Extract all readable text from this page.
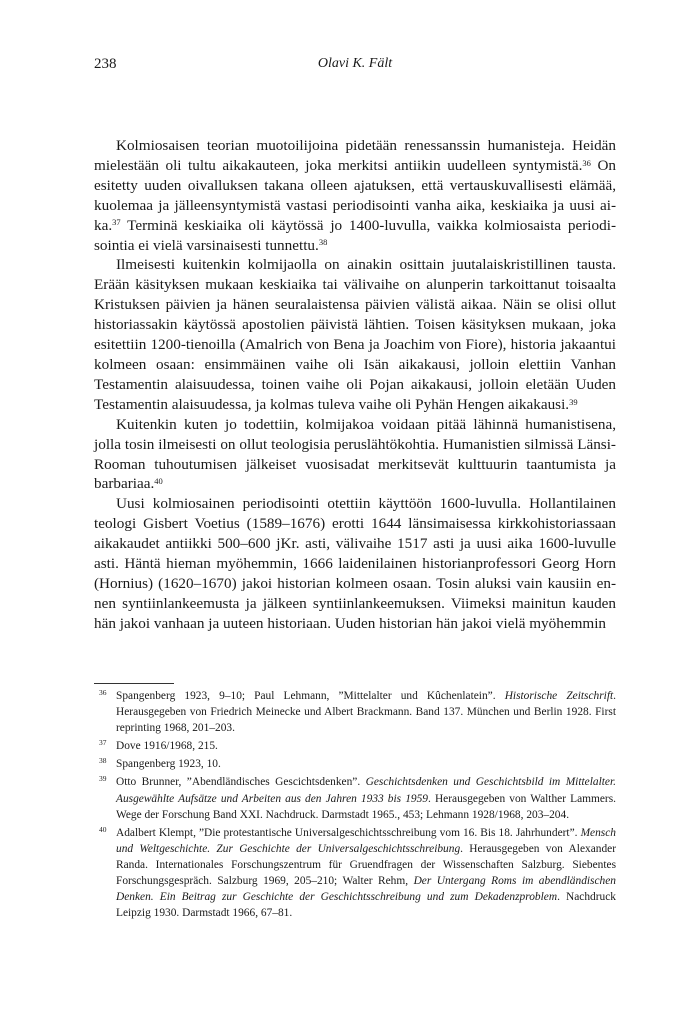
238	Olavi K. Fält

Kolmiosaisen teorian muotoilijoina pidetään renessanssin humanisteja. Heidän mielestään oli tultu aikakauteen, joka merkitsi antiikin uudelleen syntymistä.$^{36}$ On esitetty uuden oivalluksen takana olleen ajatuksen, että vertauskuvallisesti elämää, kuolemaa ja jälleensyntymistä vastasi periodisointi vanha aika, keskiaika ja uusi aika.$^{37}$ Terminä keskiaika oli käytössä jo 1400-luvulla, vaikka kolmiosaista periodisointia ei vielä varsinaisesti tunnettu.$^{38}$

Ilmeisesti kuitenkin kolmijaolla on ainakin osittain juutalaiskristillinen tausta. Erään käsityksen mukaan keskiaika tai välivaihe on alunperin tarkoittanut toisaalta Kristuksen päivien ja hänen seuralaistensa päivien välistä aikaa. Näin se olisi ollut historiassakin käytössä apostolien päivistä lähtien. Toisen käsityksen mukaan, joka esitettiin 1200-tienoilla (Amalrich von Bena ja Joachim von Fiore), historia jakaantui kolmeen osaan: ensimmäinen vaihe oli Isän aikakausi, jolloin elettiin Vanhan Testamentin alaisuudessa, toinen vaihe oli Pojan aikakausi, jolloin eletään Uuden Testamentin alaisuudessa, ja kolmas tuleva vaihe oli Pyhän Hengen aikakausi.$^{39}$

Kuitenkin kuten jo todettiin, kolmijakoa voidaan pitää lähinnä humanistisena, jolla tosin ilmeisesti on ollut teologisia peruslähtökohtia. Humanistien silmissä Länsi-Rooman tuhoutumisen jälkeiset vuosisadat merkitsevät kulttuurin taantumista ja barbariaa.$^{40}$

Uusi kolmiosainen periodisointi otettiin käyttöön 1600-luvulla. Hollantilainen teologi Gisbert Voetius (1589–1676) erotti 1644 länsimaisessa kirkkohistoriassaan aikakaudet antiikki 500–600 jKr. asti, välivaihe 1517 asti ja uusi aika 1600-luvulle asti. Häntä hieman myöhemmin, 1666 laidenilainen historianprofessori Georg Horn (Hornius) (1620–1670) jakoi historian kolmeen osaan. Tosin aluksi vain kausiin ennen syntiinlankeemusta ja jälkeen syntiinlankeemuksen. Viimeksi mainitun kauden hän jakoi vanhaan ja uuteen historiaan. Uuden historian hän jakoi vielä myöhemmin

36 Spangenberg 1923, 9–10; Paul Lehmann, ”Mittelalter und Kûchenlatein”. Historische Zeitschrift. Herausgegeben von Friedrich Meinecke und Albert Brackmann. Band 137. München und Berlin 1928. First reprinting 1968, 201–203.
37 Dove 1916/1968, 215.
38 Spangenberg 1923, 10.
39 Otto Brunner, ”Abendländisches Gescichtsdenken”. Geschichtsdenken und Geschichtsbild im Mittelalter. Ausgewählte Aufsätze und Arbeiten aus den Jahren 1933 bis 1959. Herausgegeben von Walther Lammers. Wege der Forschung Band XXI. Nachdruck. Darmstadt 1965., 453; Lehmann 1928/1968, 203–204.
40 Adalbert Klempt, ”Die protestantische Universalgeschichtsschreibung vom 16. Bis 18. Jahrhundert”. Mensch und Weltgeschichte. Zur Geschichte der Universalgeschichtsschreibung. Herausgegeben von Alexander Randa. Internationales Forschungszentrum für Gruendfragen der Wissenschaften Salzburg. Siebentes Forschungsgespräch. Salzburg 1969, 205–210; Walter Rehm, Der Untergang Roms im abendländischen Denken. Ein Beitrag zur Geschichte der Geschichtsschreibung und zum Dekadenzproblem. Nachdruck Leipzig 1930. Darmstadt 1966, 67–81.
